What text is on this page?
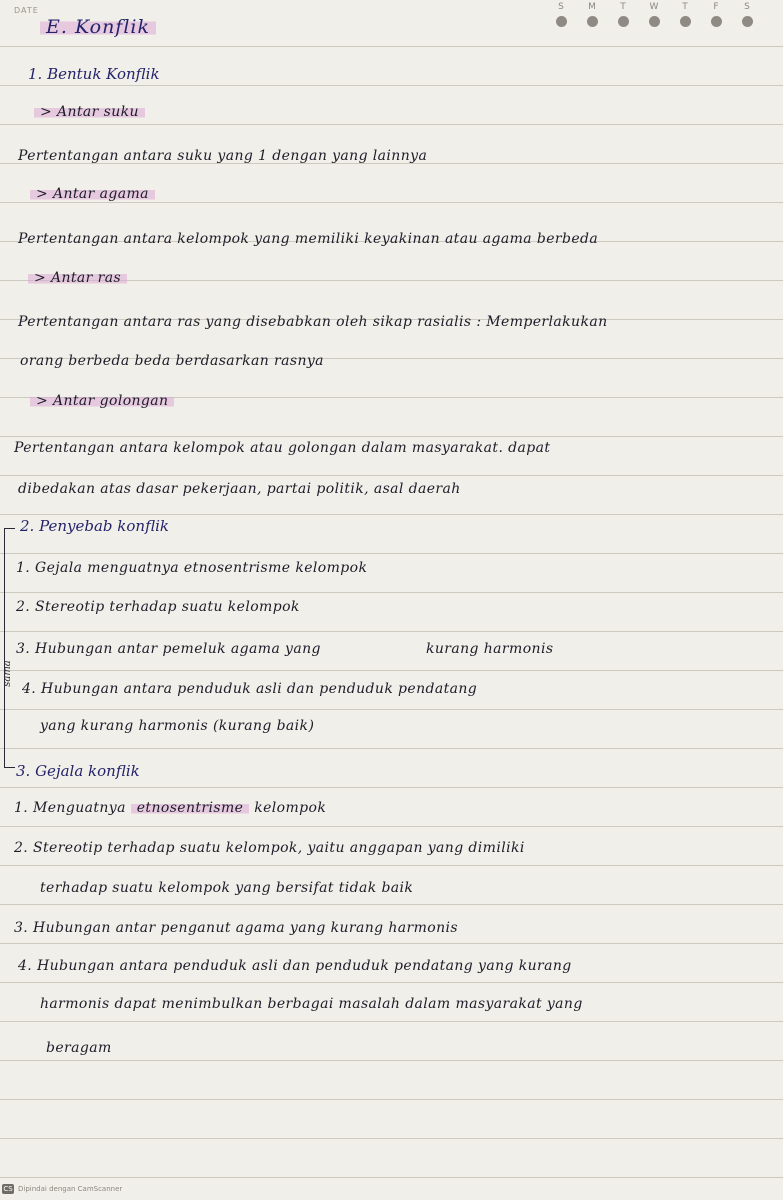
DATE	S	M	T	W	T	F	S
E. Konflik
1. Bentuk Konflik
> Antar suku
Pertentangan antara suku yang 1 dengan yang lainnya
> Antar agama
Pertentangan antara kelompok yang memiliki keyakinan atau agama berbeda
> Antar ras
Pertentangan antara ras yang disebabkan oleh sikap rasialis : Memperlakukan
orang berbeda beda berdasarkan rasnya
> Antar golongan
Pertentangan antara kelompok atau golongan dalam masyarakat. dapat
dibedakan atas dasar pekerjaan, partai politik, asal daerah
sama
2. Penyebab konflik
1. Gejala menguatnya etnosentrisme kelompok
2. Stereotip terhadap suatu kelompok
3. Hubungan antar pemeluk agama yang	kurang harmonis
4. Hubungan antara penduduk asli dan penduduk pendatang
yang kurang harmonis (kurang baik)
3. Gejala konflik
1. Menguatnya etnosentrisme kelompok
2. Stereotip terhadap suatu kelompok, yaitu anggapan yang dimiliki
terhadap suatu kelompok yang bersifat tidak baik
3. Hubungan antar penganut agama yang kurang harmonis
4. Hubungan antara penduduk asli dan penduduk pendatang yang kurang
harmonis dapat menimbulkan berbagai masalah dalam masyarakat yang
beragam
CS Dipindai dengan CamScanner
